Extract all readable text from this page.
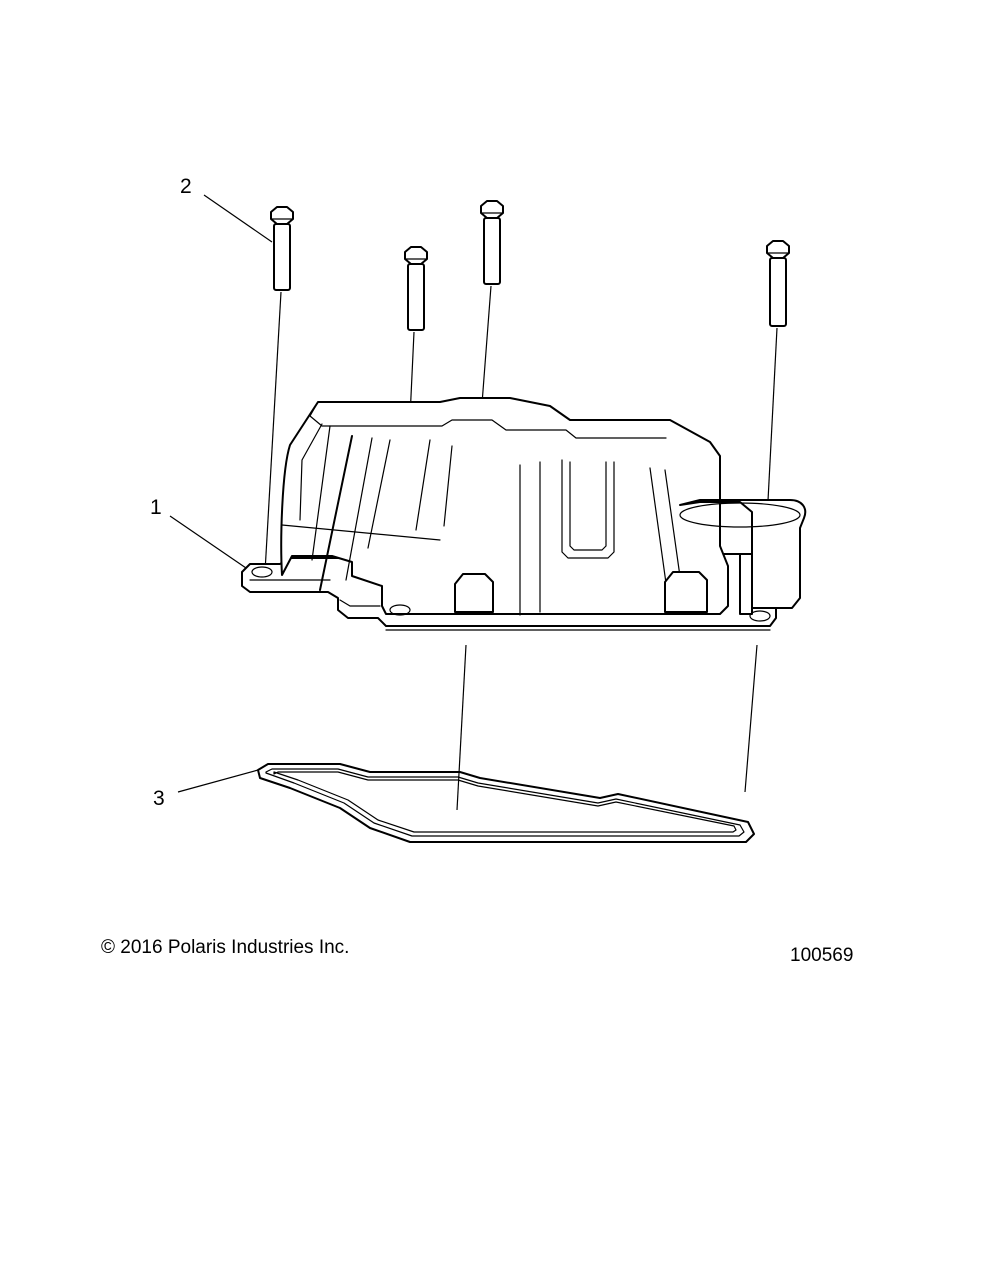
2
1
3
© 2016 Polaris Industries Inc.	100569
